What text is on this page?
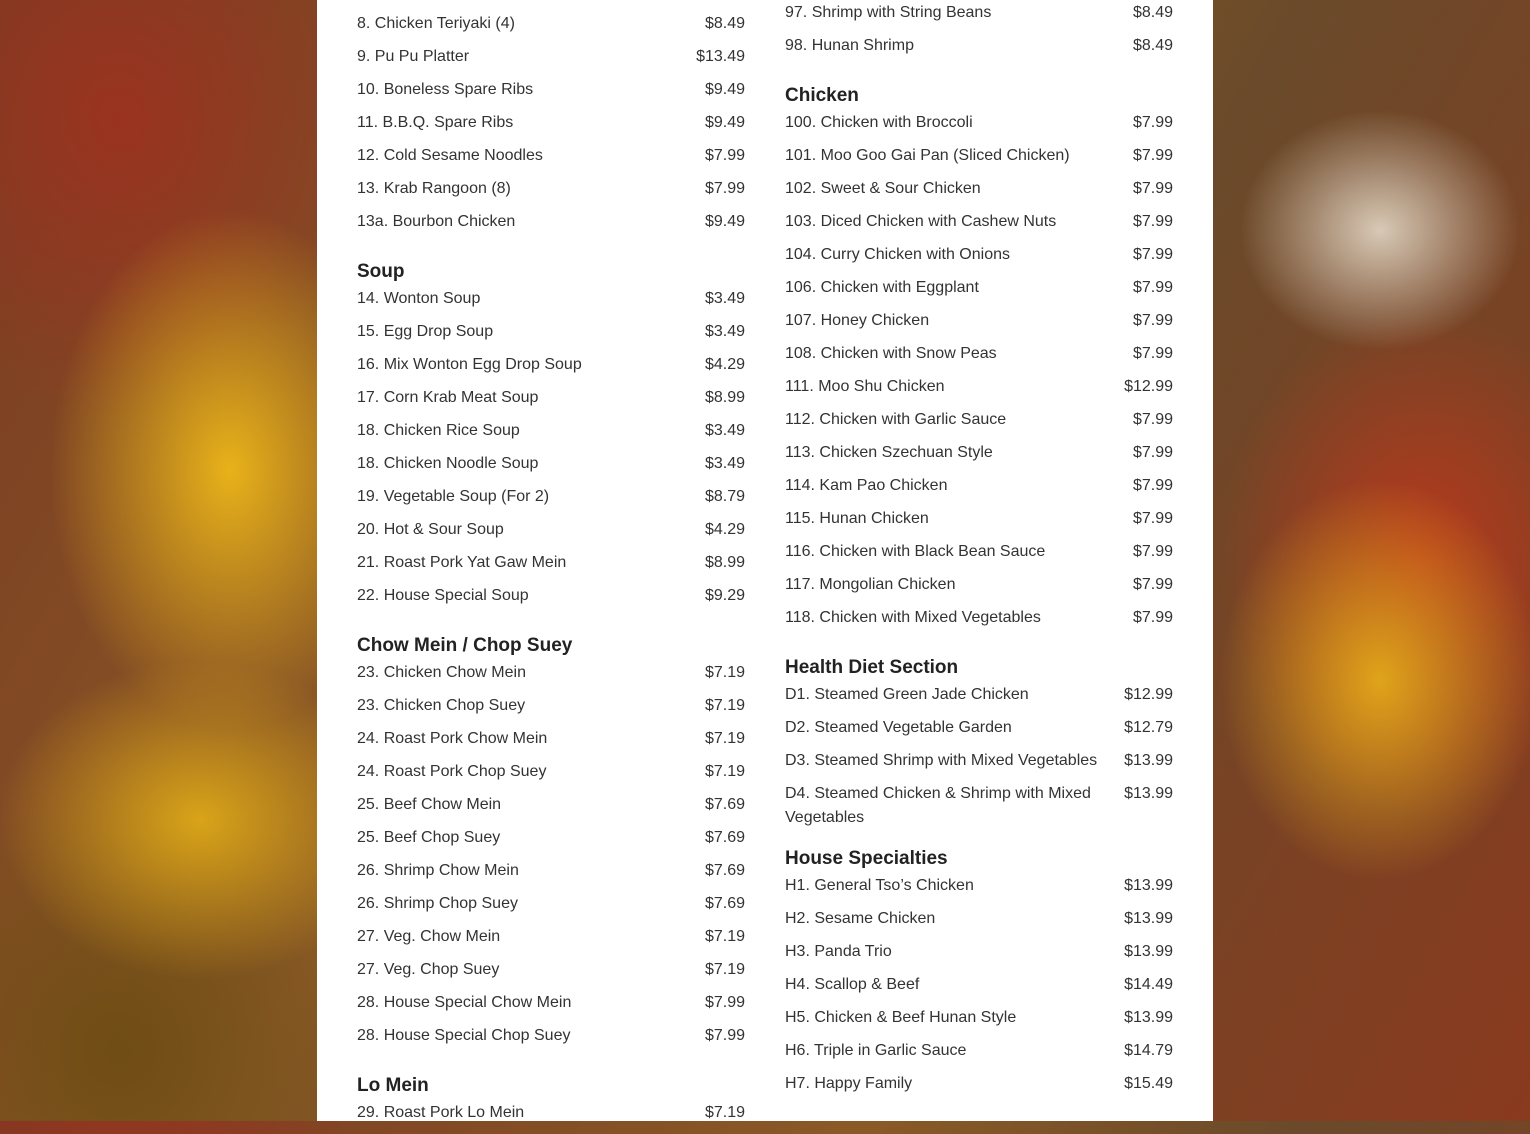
8. Chicken Teriyaki (4)	$8.49
9. Pu Pu Platter	$13.49
10. Boneless Spare Ribs	$9.49
11. B.B.Q. Spare Ribs	$9.49
12. Cold Sesame Noodles	$7.99
13. Krab Rangoon (8)	$7.99
13a. Bourbon Chicken	$9.49
Soup
14. Wonton Soup	$3.49
15. Egg Drop Soup	$3.49
16. Mix Wonton Egg Drop Soup	$4.29
17. Corn Krab Meat Soup	$8.99
18. Chicken Rice Soup	$3.49
18. Chicken Noodle Soup	$3.49
19. Vegetable Soup (For 2)	$8.79
20. Hot & Sour Soup	$4.29
21. Roast Pork Yat Gaw Mein	$8.99
22. House Special Soup	$9.29
Chow Mein / Chop Suey
23. Chicken Chow Mein	$7.19
23. Chicken Chop Suey	$7.19
24. Roast Pork Chow Mein	$7.19
24. Roast Pork Chop Suey	$7.19
25. Beef Chow Mein	$7.69
25. Beef Chop Suey	$7.69
26. Shrimp Chow Mein	$7.69
26. Shrimp Chop Suey	$7.69
27. Veg. Chow Mein	$7.19
27. Veg. Chop Suey	$7.19
28. House Special Chow Mein	$7.99
28. House Special Chop Suey	$7.99
Lo Mein
29. Roast Pork Lo Mein	$7.19
97. Shrimp with String Beans	$8.49
98. Hunan Shrimp	$8.49
Chicken
100. Chicken with Broccoli	$7.99
101. Moo Goo Gai Pan (Sliced Chicken)	$7.99
102. Sweet & Sour Chicken	$7.99
103. Diced Chicken with Cashew Nuts	$7.99
104. Curry Chicken with Onions	$7.99
106. Chicken with Eggplant	$7.99
107. Honey Chicken	$7.99
108. Chicken with Snow Peas	$7.99
111. Moo Shu Chicken	$12.99
112. Chicken with Garlic Sauce	$7.99
113. Chicken Szechuan Style	$7.99
114. Kam Pao Chicken	$7.99
115. Hunan Chicken	$7.99
116. Chicken with Black Bean Sauce	$7.99
117. Mongolian Chicken	$7.99
118. Chicken with Mixed Vegetables	$7.99
Health Diet Section
D1. Steamed Green Jade Chicken	$12.99
D2. Steamed Vegetable Garden	$12.79
D3. Steamed Shrimp with Mixed Vegetables	$13.99
D4. Steamed Chicken & Shrimp with Mixed Vegetables
$13.99
House Specialties
H1. General Tso’s Chicken	$13.99
H2. Sesame Chicken	$13.99
H3. Panda Trio	$13.99
H4. Scallop & Beef	$14.49
H5. Chicken & Beef Hunan Style	$13.99
H6. Triple in Garlic Sauce	$14.79
H7. Happy Family	$15.49
